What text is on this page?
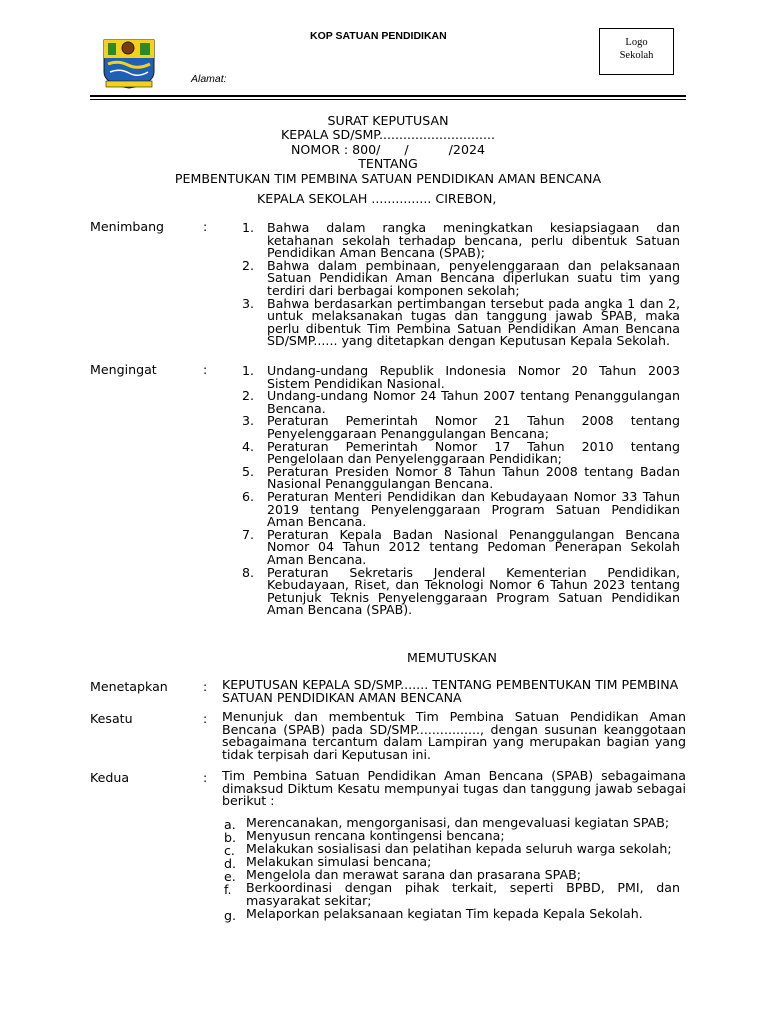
KOP SATUAN PENDIDIKAN
Alamat:
Logo
Sekolah
SURAT KEPUTUSAN
KEPALA SD/SMP.............................
NOMOR : 800/      /          /2024
TENTANG
PEMBENTUKAN TIM PEMBINA SATUAN PENDIDIKAN AMAN BENCANA
KEPALA SEKOLAH ............... CIREBON,
Menimbang	:	1. Bahwa dalam rangka meningkatkan kesiapsiagaan dan ketahanan sekolah terhadap bencana, perlu dibentuk Satuan Pendidikan Aman Bencana (SPAB);
2. Bahwa dalam pembinaan, penyelenggaraan dan pelaksanaan Satuan Pendidikan Aman Bencana diperlukan suatu tim yang terdiri dari berbagai komponen sekolah;
3. Bahwa berdasarkan pertimbangan tersebut pada angka 1 dan 2, untuk melaksanakan tugas dan tanggung jawab SPAB, maka perlu dibentuk Tim Pembina Satuan Pendidikan Aman Bencana SD/SMP...... yang ditetapkan dengan Keputusan Kepala Sekolah.
Mengingat	:	1. Undang-undang Republik Indonesia Nomor 20 Tahun 2003 Sistem Pendidikan Nasional.
2. Undang-undang Nomor 24 Tahun 2007 tentang Penanggulangan Bencana.
3. Peraturan Pemerintah Nomor 21 Tahun 2008 tentang Penyelenggaraan Penanggulangan Bencana;
4. Peraturan Pemerintah Nomor 17 Tahun 2010 tentang Pengelolaan dan Penyelenggaraan Pendidikan;
5. Peraturan Presiden Nomor 8 Tahun Tahun 2008 tentang Badan Nasional Penanggulangan Bencana.
6. Peraturan Menteri Pendidikan dan Kebudayaan Nomor 33 Tahun 2019 tentang Penyelenggaraan Program Satuan Pendidikan Aman Bencana.
7. Peraturan Kepala Badan Nasional Penanggulangan Bencana Nomor 04 Tahun 2012 tentang Pedoman Penerapan Sekolah Aman Bencana.
8. Peraturan Sekretaris Jenderal Kementerian Pendidikan, Kebudayaan, Riset, dan Teknologi Nomor 6 Tahun 2023 tentang Petunjuk Teknis Penyelenggaraan Program Satuan Pendidikan Aman Bencana (SPAB).
MEMUTUSKAN
Menetapkan	: KEPUTUSAN KEPALA SD/SMP....... TENTANG PEMBENTUKAN TIM PEMBINA SATUAN PENDIDIKAN AMAN BENCANA
Kesatu	: Menunjuk dan membentuk Tim Pembina Satuan Pendidikan Aman Bencana (SPAB) pada SD/SMP................, dengan susunan keanggotaan sebagaimana tercantum dalam Lampiran yang merupakan bagian yang tidak terpisah dari Keputusan ini.
Kedua	: Tim Pembina Satuan Pendidikan Aman Bencana (SPAB) sebagaimana dimaksud Diktum Kesatu mempunyai tugas dan tanggung jawab sebagai berikut :
a. Merencanakan, mengorganisasi, dan mengevaluasi kegiatan SPAB;
b. Menyusun rencana kontingensi bencana;
c. Melakukan sosialisasi dan pelatihan kepada seluruh warga sekolah;
d. Melakukan simulasi bencana;
e. Mengelola dan merawat sarana dan prasarana SPAB;
f. Berkoordinasi dengan pihak terkait, seperti BPBD, PMI, dan masyarakat sekitar;
g. Melaporkan pelaksanaan kegiatan Tim kepada Kepala Sekolah.
